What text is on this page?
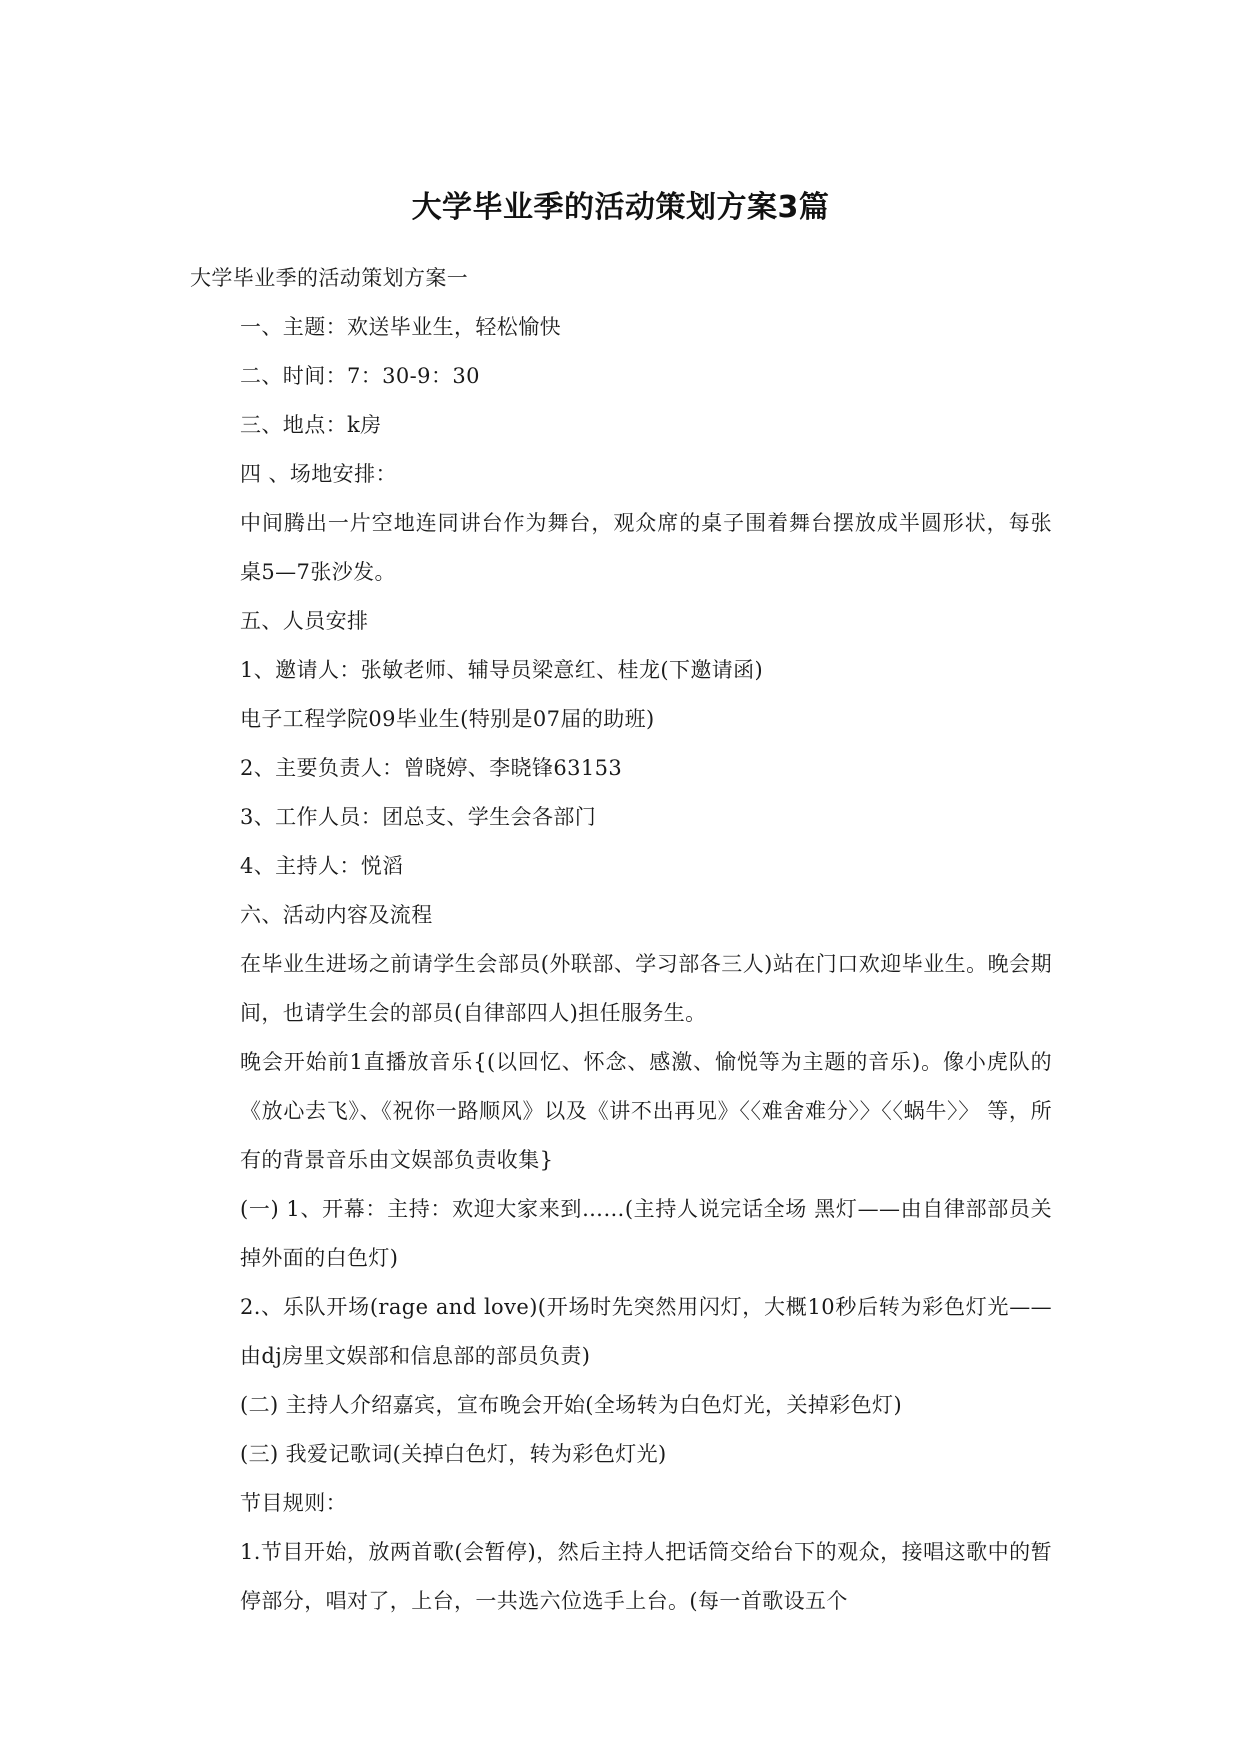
大学毕业季的活动策划方案3篇

大学毕业季的活动策划方案一

一、主题：欢送毕业生，轻松愉快

二、时间：7：30-9：30

三、地点：k房

四 、场地安排：

中间腾出一片空地连同讲台作为舞台，观众席的桌子围着舞台摆放成半圆形状，每张桌5—7张沙发。

五、人员安排

1、邀请人：张敏老师、辅导员梁意红、桂龙(下邀请函)

电子工程学院09毕业生(特别是07届的助班)

2、主要负责人：曾晓婷、李晓锋63153

3、工作人员：团总支、学生会各部门

4、主持人：悦滔

六、活动内容及流程

在毕业生进场之前请学生会部员(外联部、学习部各三人)站在门口欢迎毕业生。晚会期间，也请学生会的部员(自律部四人)担任服务生。

晚会开始前1直播放音乐{(以回忆、怀念、感激、愉悦等为主题的音乐)。像小虎队的《放心去飞》、《祝你一路顺风》以及《讲不出再见》〈〈难舍难分〉〉〈〈蜗牛〉〉 等，所有的背景音乐由文娱部负责收集}

(一) 1、开幕：主持：欢迎大家来到……(主持人说完话全场 黑灯——由自律部部员关掉外面的白色灯)

2.、乐队开场(rage and love)(开场时先突然用闪灯，大概10秒后转为彩色灯光——由dj房里文娱部和信息部的部员负责)

(二) 主持人介绍嘉宾，宣布晚会开始(全场转为白色灯光，关掉彩色灯)

(三) 我爱记歌词(关掉白色灯，转为彩色灯光)

节目规则：

1.节目开始，放两首歌(会暂停)，然后主持人把话筒交给台下的观众，接唱这歌中的暂停部分，唱对了，上台，一共选六位选手上台。(每一首歌设五个
